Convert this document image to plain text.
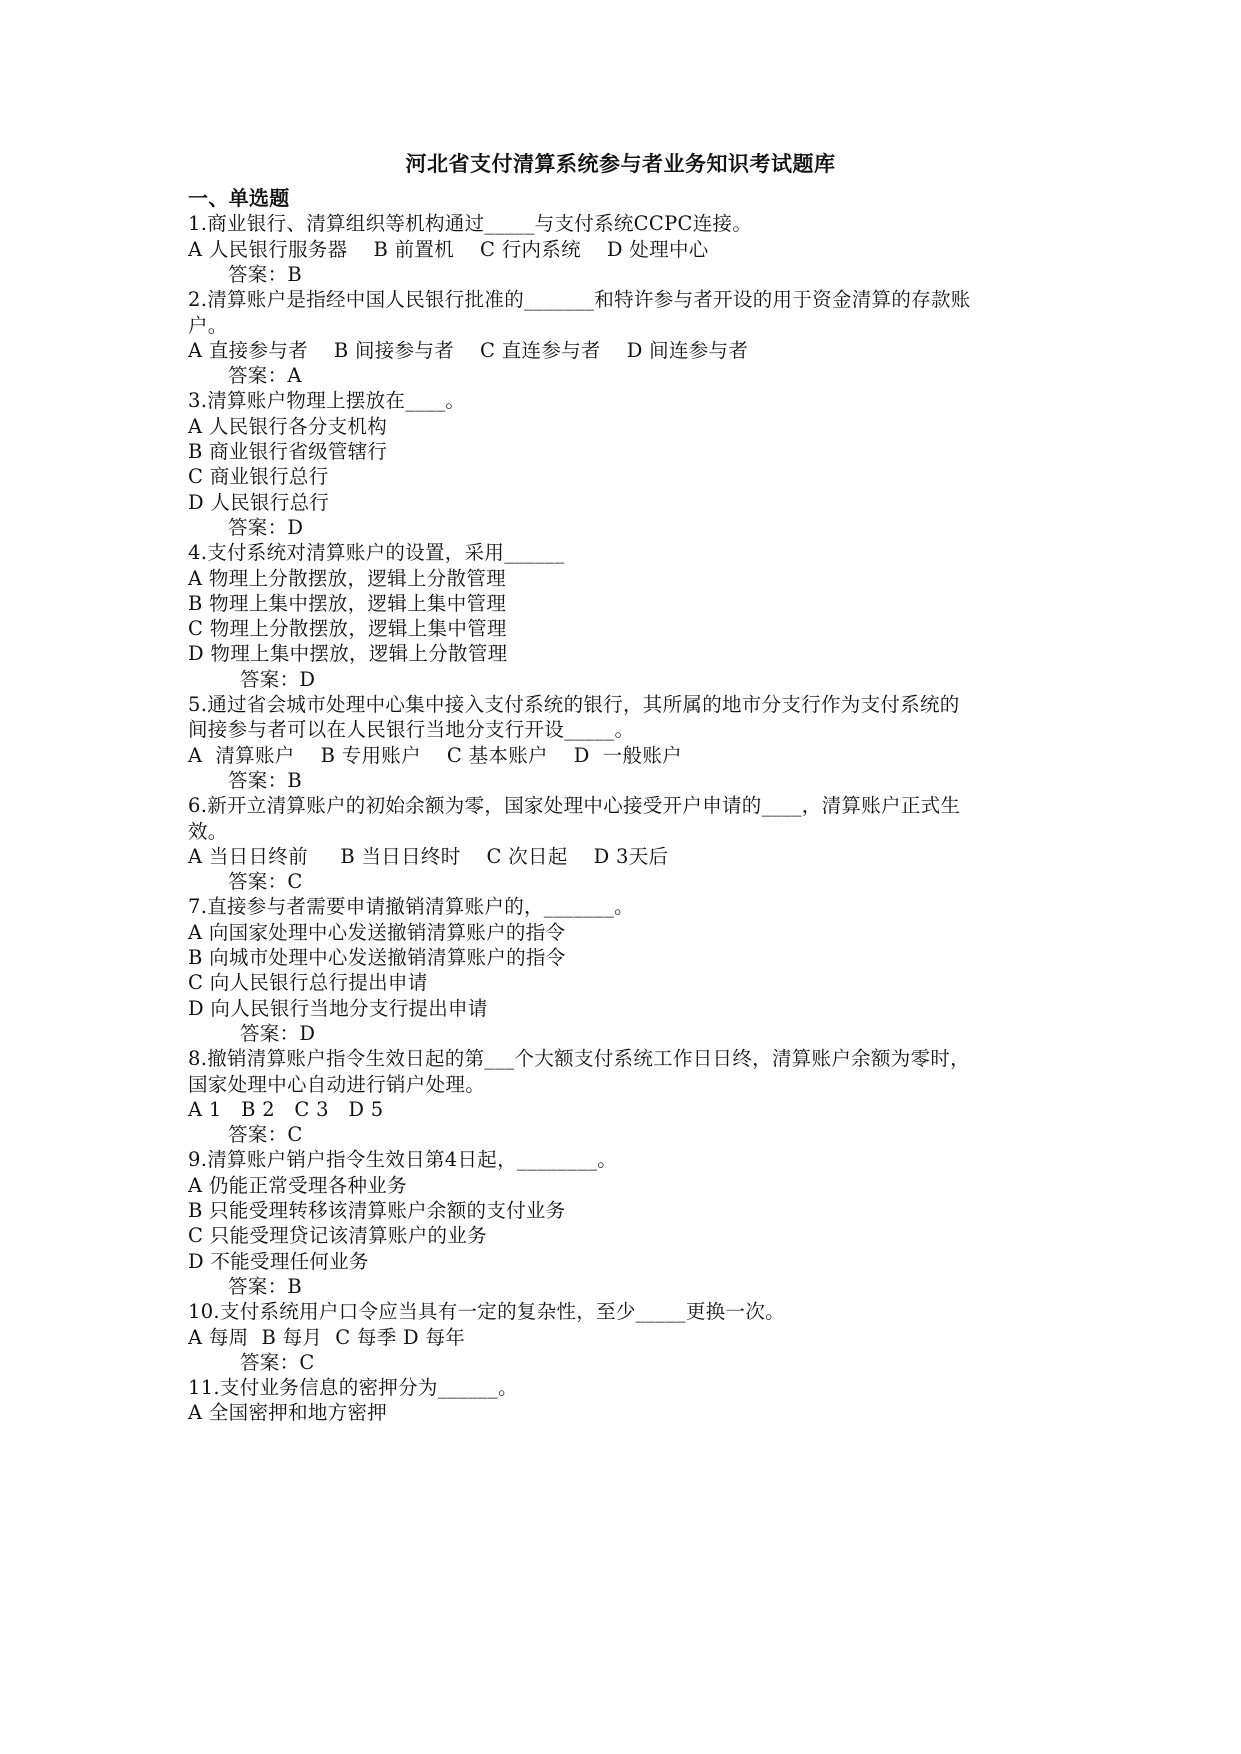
河北省支付清算系统参与者业务知识考试题库
一、单选题
1.商业银行、清算组织等机构通过_____与支付系统CCPC连接。
A 人民银行服务器    B 前置机    C 行内系统    D 处理中心
答案：B
2.清算账户是指经中国人民银行批准的_______和特许参与者开设的用于资金清算的存款账
户。
A 直接参与者    B 间接参与者    C 直连参与者    D 间连参与者
答案：A
3.清算账户物理上摆放在____。
A 人民银行各分支机构
B 商业银行省级管辖行
C 商业银行总行
D 人民银行总行
答案：D
4.支付系统对清算账户的设置，采用______
A 物理上分散摆放，逻辑上分散管理
B 物理上集中摆放，逻辑上集中管理
C 物理上分散摆放，逻辑上集中管理
D 物理上集中摆放，逻辑上分散管理
答案：D
5.通过省会城市处理中心集中接入支付系统的银行，其所属的地市分支行作为支付系统的
间接参与者可以在人民银行当地分支行开设_____。
A  清算账户    B 专用账户    C 基本账户    D  一般账户
答案：B
6.新开立清算账户的初始余额为零，国家处理中心接受开户申请的____，清算账户正式生
效。
A 当日日终前     B 当日日终时    C 次日起    D 3天后
答案：C
7.直接参与者需要申请撤销清算账户的，_______。
A 向国家处理中心发送撤销清算账户的指令
B 向城市处理中心发送撤销清算账户的指令
C 向人民银行总行提出申请
D 向人民银行当地分支行提出申请
答案：D
8.撤销清算账户指令生效日起的第___个大额支付系统工作日日终，清算账户余额为零时，
国家处理中心自动进行销户处理。
A 1   B 2   C 3   D 5
答案：C
9.清算账户销户指令生效日第4日起，________。
A 仍能正常受理各种业务
B 只能受理转移该清算账户余额的支付业务
C 只能受理贷记该清算账户的业务
D 不能受理任何业务
答案：B
10.支付系统用户口令应当具有一定的复杂性，至少_____更换一次。
A 每周  B 每月  C 每季 D 每年
答案：C
11.支付业务信息的密押分为______。
A 全国密押和地方密押
